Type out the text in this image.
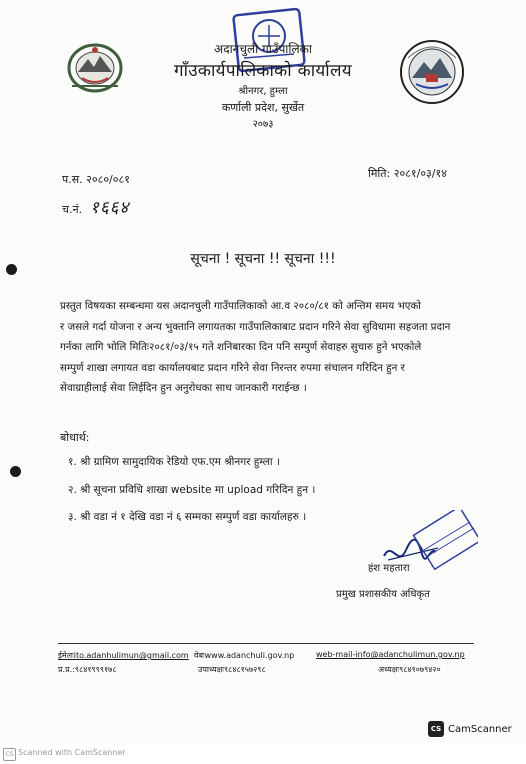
अदानचुली गाउँपालिका
गाँउकार्यपालिकाको कार्यालय
श्रीनगर, हुम्ला
कर्णाली प्रदेश, सुर्खेत
२०७३
प.स. २०८०/०८१	मिति: २०८१/०३/१४
च.नं. १६६४
सूचना ! सूचना !! सूचना !!!
प्रस्तुत विषयका सम्बन्धमा यस अदानचुली गाउँपालिकाको आ.व २०८०/८१ को अन्तिम समय भएको
र जसले गर्दा योजना र अन्य भुक्तानि लगायतका गाउँपालिकाबाट प्रदान गरिने सेवा सुविधामा सहजता प्रदान
गर्नका लागि भोलि मितिः२०८१/०३/१५ गते शनिबारका दिन पनि सम्पुर्ण सेवाहरु सुचारु हुने भएकोले
सम्पुर्ण शाखा लगायत वडा कार्यालयबाट प्रदान गरिने सेवा निरन्तर रुपमा संचालन गरिदिन हुन र
सेवाग्राहीलाई सेवा लिईदिन हुन अनुरोधका साथ जानकारी गराईन्छ ।
बोधार्थ:
१. श्री ग्रामिण सामुदायिक रेडियो एफ.एम श्रीनगर हुम्ला ।
२. श्री सूचना प्रविधि शाखा website मा upload गरिदिन हुन ।
३. श्री वडा नं १ देखि वडा नं ६ सम्मका सम्पुर्ण वडा कार्यालहरु ।
हंश महतारा
प्रमुख प्रशासकीय अधिकृत
ईमेलःito.adanhulimun@gmail.com वेबःwww.adanchuli.gov.np	web-mail-info@adanchulimun.gov.np
प्र.प्र.:९८४१९९९१७८	उपाध्यक्षः९८४८१५७२९८	अध्यक्षः९८४१०७९४२०
CS CamScanner
CS Scanned with CamScanner
